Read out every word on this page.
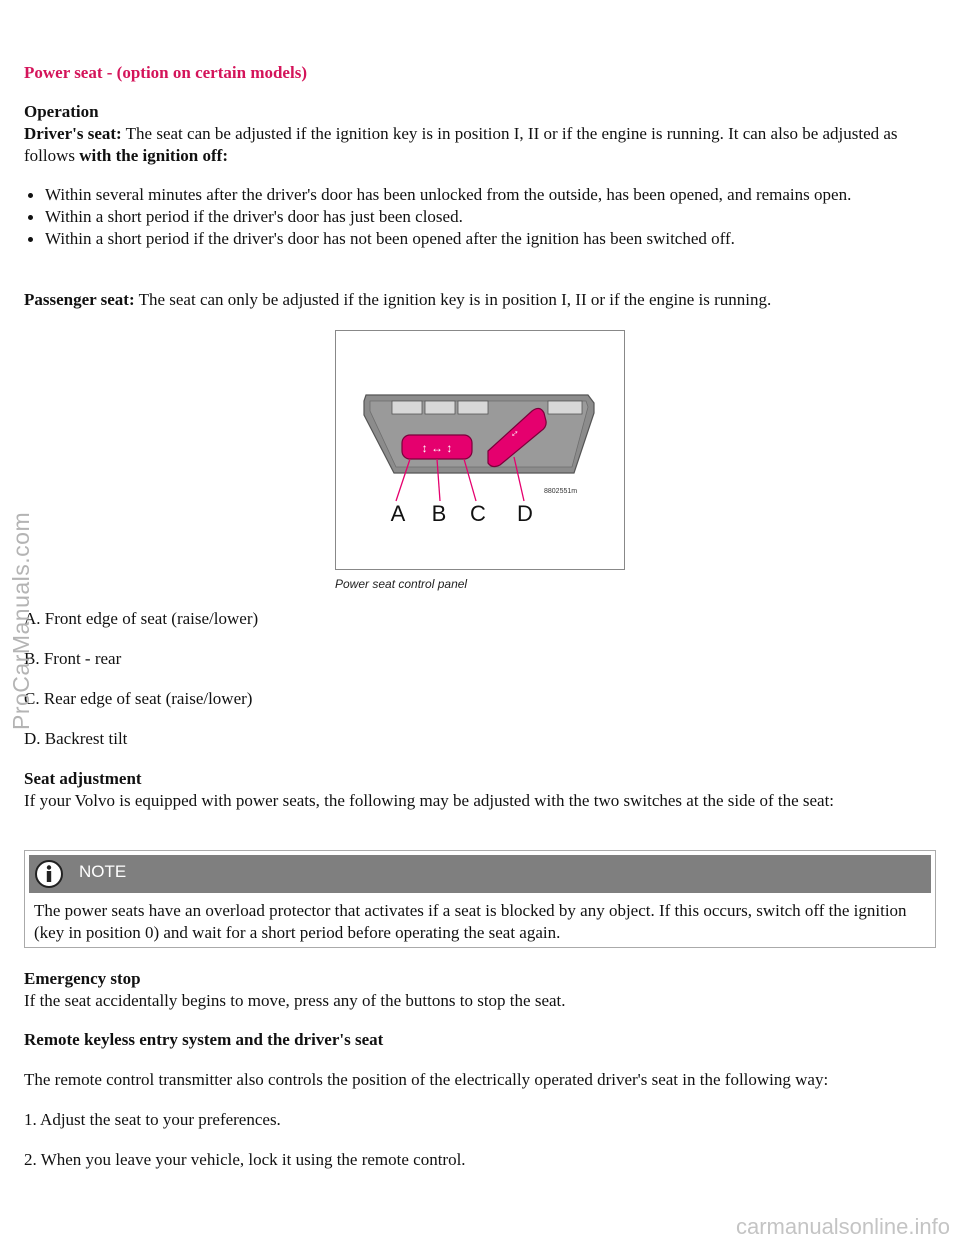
Power seat - (option on certain models)
Operation
Driver's seat: The seat can be adjusted if the ignition key is in position I, II or if the engine is running. It can also be adjusted as follows with the ignition off:
Within several minutes after the driver's door has been unlocked from the outside, has been opened, and remains open.
Within a short period if the driver's door has just been closed.
Within a short period if the driver's door has not been opened after the ignition has been switched off.
Passenger seat: The seat can only be adjusted if the ignition key is in position I, II or if the engine is running.
↕ ↔ ↕
↔
8802551m
A B C D
Power seat control panel
A. Front edge of seat (raise/lower)
B. Front - rear
C. Rear edge of seat (raise/lower)
D. Backrest tilt
Seat adjustment
If your Volvo is equipped with power seats, the following may be adjusted with the two switches at the side of the seat:
NOTE
The power seats have an overload protector that activates if a seat is blocked by any object. If this occurs, switch off the ignition (key in position 0) and wait for a short period before operating the seat again.
Emergency stop
If the seat accidentally begins to move, press any of the buttons to stop the seat.
Remote keyless entry system and the driver's seat
The remote control transmitter also controls the position of the electrically operated driver's seat in the following way:
1. Adjust the seat to your preferences.
2. When you leave your vehicle, lock it using the remote control.
ProCarManuals.com
carmanualsonline.info
